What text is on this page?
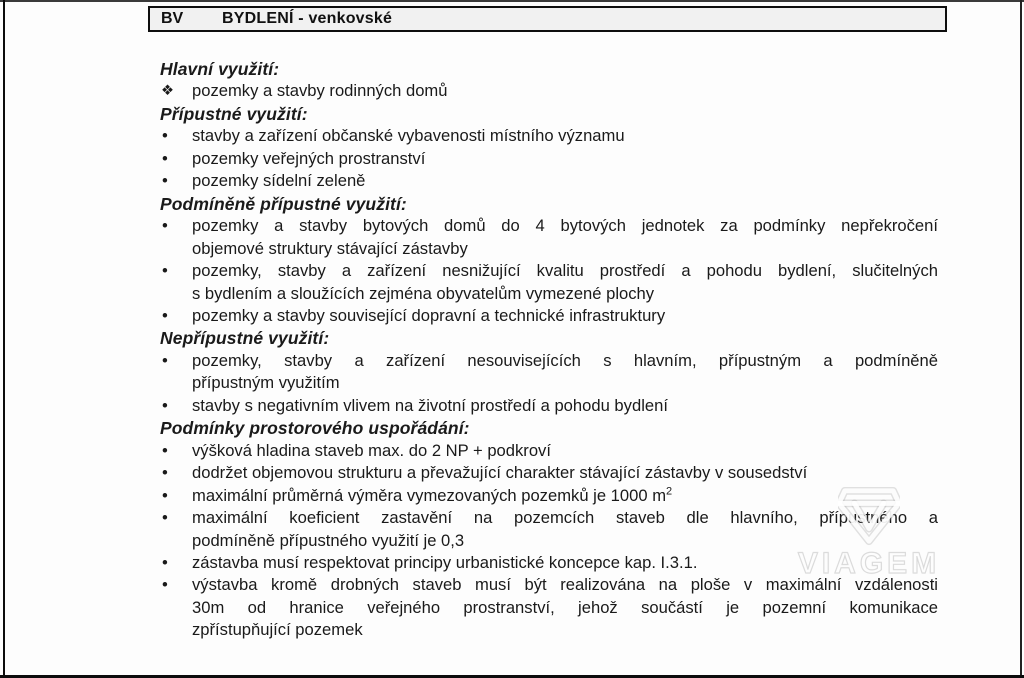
BV	BYDLENÍ - venkovské
Hlavní využití:
❖	pozemky a stavby rodinných domů
Přípustné využití:
•	stavby a zařízení občanské vybavenosti místního významu
•	pozemky veřejných prostranství
•	pozemky sídelní zeleně
Podmíněně přípustné využití:
•	pozemky a stavby bytových domů do 4 bytových jednotek za podmínky nepřekročení
objemové struktury stávající zástavby
•	pozemky, stavby a zařízení nesnižující kvalitu prostředí a pohodu bydlení, slučitelných
s bydlením a sloužících zejména obyvatelům vymezené plochy
•	pozemky a stavby související dopravní a technické infrastruktury
Nepřípustné využití:
•	pozemky, stavby a zařízení nesouvisejících s hlavním, přípustným a podmíněně
přípustným využitím
•	stavby s negativním vlivem na životní prostředí a pohodu bydlení
Podmínky prostorového uspořádání:
•	výšková hladina staveb max. do 2 NP + podkroví
•	dodržet objemovou strukturu a převažující charakter stávající zástavby v sousedství
•	maximální průměrná výměra vymezovaných pozemků je 1000 $m^2$
•	maximální koeficient zastavění na pozemcích staveb dle hlavního, přípustného a
podmíněně přípustného využití je 0,3
•	zástavba musí respektovat principy urbanistické koncepce kap. I.3.1.
•	výstavba kromě drobných staveb musí být realizována na ploše v maximální vzdálenosti
30m od hranice veřejného prostranství, jehož součástí je pozemní komunikace
zpřístupňující pozemek
VIAGEM
